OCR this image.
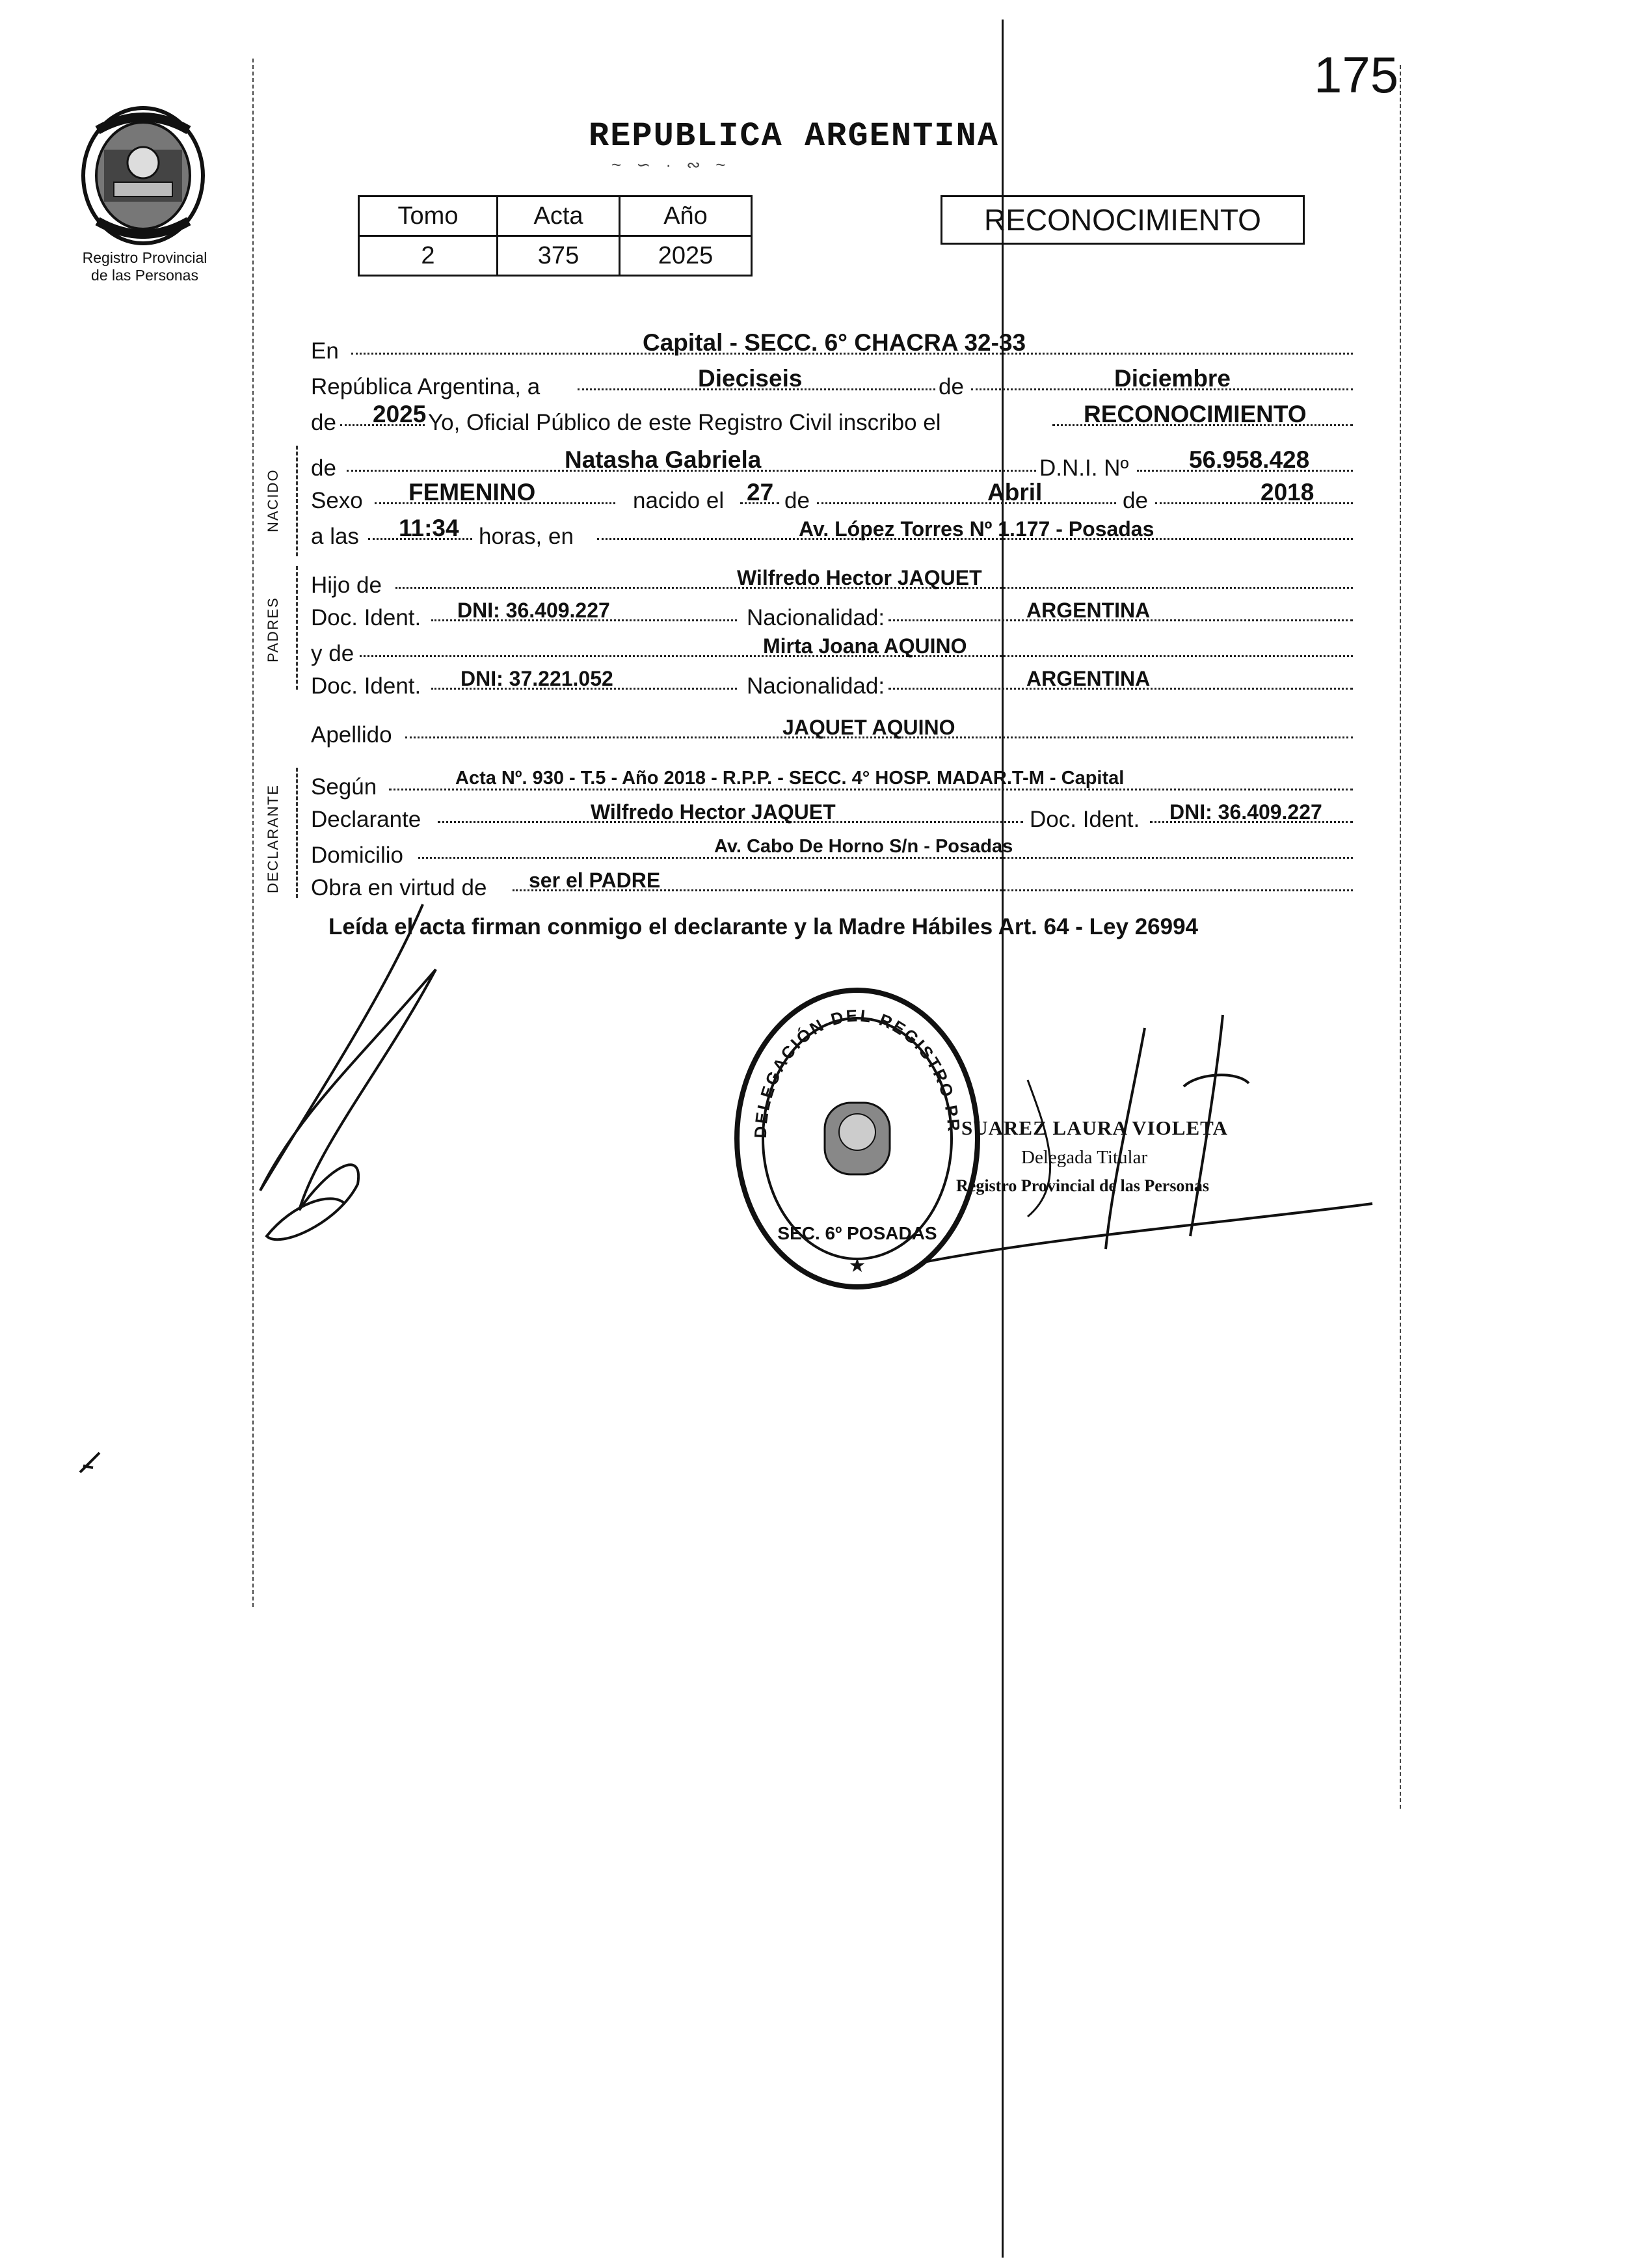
175
Registro Provincial
de las Personas
REPUBLICA ARGENTINA
~ ∽ · ∾ ~
Tomo	Acta	Año
2	375	2025
RECONOCIMIENTO
NACIDO
PADRES
DECLARANTE
En	Capital - SECC. 6° CHACRA 32-33
República Argentina, a	Dieciseis	de	Diciembre
de 2025 Yo, Oficial Público de este Registro Civil inscribo el	RECONOCIMIENTO
de	Natasha Gabriela	D.N.I. Nº	56.958.428
Sexo FEMENINO	nacido el 27 de	Abril	de	2018
a las 11:34 horas, en	Av. López Torres Nº 1.177 - Posadas
Hijo de	Wilfredo Hector JAQUET
Doc. Ident. DNI: 36.409.227	Nacionalidad:	ARGENTINA
y de	Mirta Joana AQUINO
Doc. Ident. DNI: 37.221.052	Nacionalidad:	ARGENTINA
Apellido	JAQUET AQUINO
Según	Acta Nº. 930 - T.5 - Año 2018 - R.P.P. - SECC. 4° HOSP. MADAR.T-M - Capital
Declarante	Wilfredo Hector JAQUET	Doc. Ident. DNI: 36.409.227
Domicilio	Av. Cabo De Horno S/n - Posadas
Obra en virtud de ser el PADRE
Leída el acta firman conmigo el declarante y la Madre Hábiles Art. 64 - Ley 26994
DELEGACIÓN DEL REGISTRO PR
SEC. 6º POSADAS
★
SUAREZ LAURA VIOLETA
Delegada Titular
Registro Provincial de las Personas
